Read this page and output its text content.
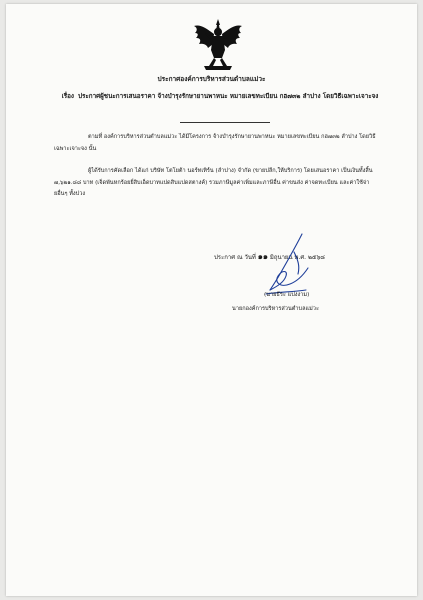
ประกาศองค์การบริหารส่วนตำบลแม่วะ
เรื่อง ประกาศผู้ชนะการเสนอราคา จ้างบำรุงรักษายานพาหนะ หมายเลขทะเบียน กฮ๗๓๒ ลำปาง โดยวิธีเฉพาะเจาะจง
ตามที่ องค์การบริหารส่วนตำบลแม่วะ ได้มีโครงการ จ้างบำรุงรักษายานพาหนะ หมายเลขทะเบียน กฮ๗๓๒ ลำปาง โดยวิธีเฉพาะเจาะจง นั้น
ผู้ได้รับการคัดเลือก ได้แก่ บริษัท โตโยต้า นอร์ทเทิร์น (ลำปาง) จำกัด (ขายปลีก,ให้บริการ) โดยเสนอราคา เป็นเงินทั้งสิ้น ๗,๖๒๑.๘๘ บาท (เจ็ดพันหกร้อยยี่สิบเอ็ดบาทแปดสิบแปดสตางค์) รวมภาษีมูลค่าเพิ่มและภาษีอื่น ค่าขนส่ง ค่าจดทะเบียน และค่าใช้จ่ายอื่นๆ ทั้งปวง
ประกาศ ณ วันที่ ๑๑ มิถุนายน พ.ศ. ๒๕๖๘
(นายธีระ แปงงาม)
นายกองค์การบริหารส่วนตำบลแม่วะ
